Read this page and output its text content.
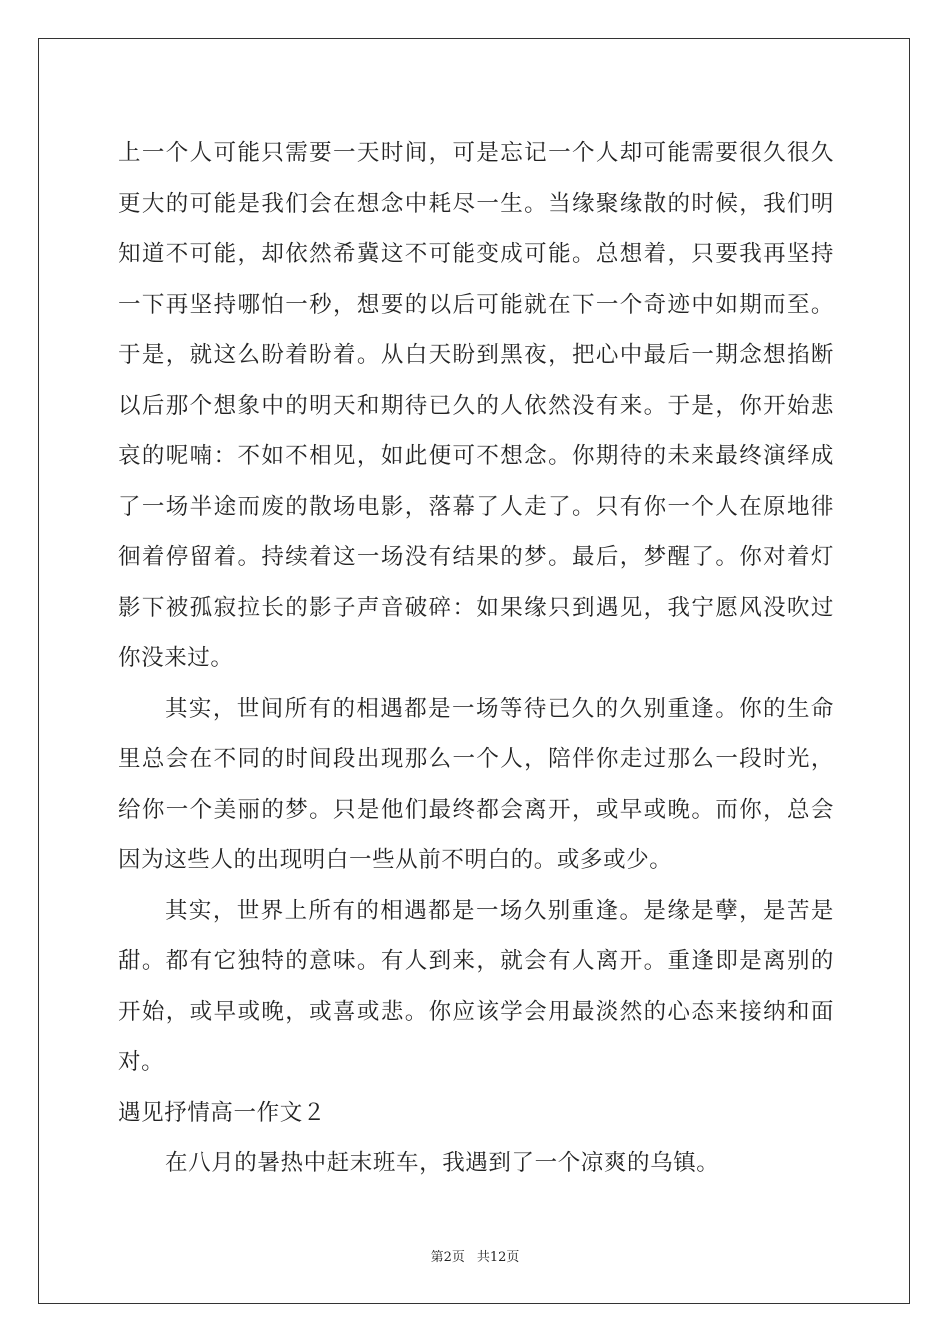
上一个人可能只需要一天时间，可是忘记一个人却可能需要很久很久
更大的可能是我们会在想念中耗尽一生。当缘聚缘散的时候，我们明
知道不可能，却依然希冀这不可能变成可能。总想着，只要我再坚持
一下再坚持哪怕一秒，想要的以后可能就在下一个奇迹中如期而至。
于是，就这么盼着盼着。从白天盼到黑夜，把心中最后一期念想掐断
以后那个想象中的明天和期待已久的人依然没有来。于是，你开始悲
哀的呢喃：不如不相见，如此便可不想念。你期待的未来最终演绎成
了一场半途而废的散场电影，落幕了人走了。只有你一个人在原地徘
徊着停留着。持续着这一场没有结果的梦。最后，梦醒了。你对着灯
影下被孤寂拉长的影子声音破碎：如果缘只到遇见，我宁愿风没吹过
你没来过。
其实，世间所有的相遇都是一场等待已久的久别重逢。你的生命
里总会在不同的时间段出现那么一个人，陪伴你走过那么一段时光，
给你一个美丽的梦。只是他们最终都会离开，或早或晚。而你，总会
因为这些人的出现明白一些从前不明白的。或多或少。
其实，世界上所有的相遇都是一场久别重逢。是缘是孽，是苦是
甜。都有它独特的意味。有人到来，就会有人离开。重逢即是离别的
开始，或早或晚，或喜或悲。你应该学会用最淡然的心态来接纳和面
对。
遇见抒情高一作文２
在八月的暑热中赶末班车，我遇到了一个凉爽的乌镇。
第2页 共12页
